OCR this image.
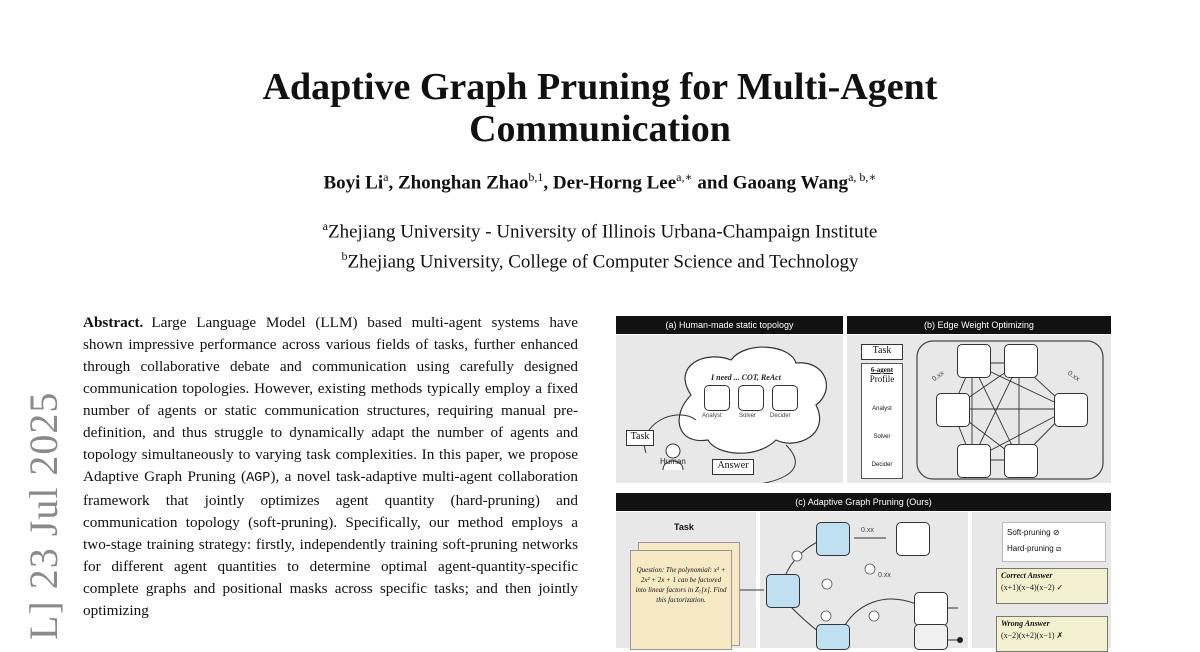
Adaptive Graph Pruning for Multi-Agent
Communication
Boyi Li$^a$, Zhonghan Zhao$^{b,1}$, Der-Horng Lee$^{a,∗}$ and Gaoang Wang$^{a, b,∗}$
$^a$Zhejiang University - University of Illinois Urbana-Champaign Institute
$^b$Zhejiang University, College of Computer Science and Technology
L] 23 Jul 2025
Abstract. Large Language Model (LLM) based multi-agent systems have shown impressive performance across various fields of tasks, further enhanced through collaborative debate and communication using carefully designed communication topologies. However, existing methods typically employ a fixed number of agents or static communication structures, requiring manual pre-definition, and thus struggle to dynamically adapt the number of agents and topology simultaneously to varying task complexities. In this paper, we propose Adaptive Graph Pruning (AGP), a novel task-adaptive multi-agent collaboration framework that jointly optimizes agent quantity (hard-pruning) and communication topology (soft-pruning). Specifically, our method employs a two-stage training strategy: firstly, independently training soft-pruning networks for different agent quantities to determine optimal agent-quantity-specific complete graphs and positional masks across specific tasks; and then jointly optimizing
(a) Human-made static topology
I need ... COT, ReAct
Analyst	Solver Decider
Task
Human	Answer
(b) Edge Weight Optimizing
Task
6-agent
Profile
Analyst
Solver
Decider
0.xx	0.xx
(c) Adaptive Graph Pruning (Ours)
Task
Question: The polynomial: x³ + 2x² + 2x + 1 can be factored into linear factors in Z₇[x]. Find this factorization.
0.xx
0.xx
Soft-pruning ⊘
Hard-pruning ⧄
Correct Answer
(x+1)(x−4)(x−2) ✓
Wrong Answer
(x−2)(x+2)(x−1) ✗
